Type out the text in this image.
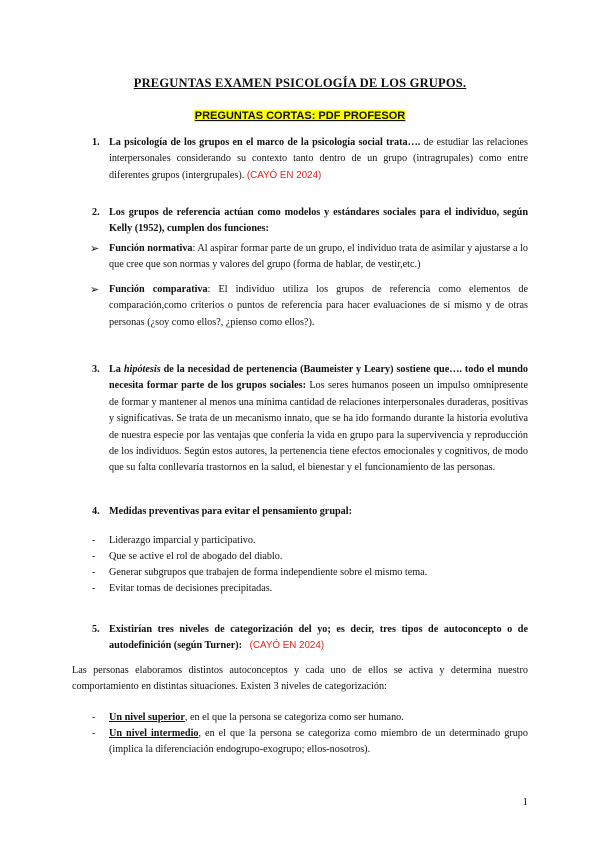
PREGUNTAS EXAMEN PSICOLOGÍA DE LOS GRUPOS.
PREGUNTAS CORTAS: PDF PROFESOR
1. La psicología de los grupos en el marco de la psicología social trata…. de estudiar las relaciones interpersonales considerando su contexto tanto dentro de un grupo (intragrupales) como entre diferentes grupos (intergrupales). (CAYÓ EN 2024)
2. Los grupos de referencia actúan como modelos y estándares sociales para el individuo, según Kelly (1952), cumplen dos funciones:
➢ Función normativa: Al aspirar formar parte de un grupo, el individuo trata de asimilar y ajustarse a lo que cree que son normas y valores del grupo (forma de hablar, de vestir,etc.)
➢ Función comparativa: El individuo utiliza los grupos de referencia como elementos de comparación,como criterios o puntos de referencia para hacer evaluaciones de sí mismo y de otras personas (¿soy como ellos?, ¿pienso como ellos?).
3. La hipótesis de la necesidad de pertenencia (Baumeister y Leary) sostiene que…. todo el mundo necesita formar parte de los grupos sociales: Los seres humanos poseen un impulso omnipresente de formar y mantener al menos una mínima cantidad de relaciones interpersonales duraderas, positivas y significativas. Se trata de un mecanismo innato, que se ha ido formando durante la historia evolutiva de nuestra especie por las ventajas que confería la vida en grupo para la supervivencia y reproducción de los individuos. Según estos autores, la pertenencia tiene efectos emocionales y cognitivos, de modo que su falta conllevaría trastornos en la salud, el bienestar y el funcionamiento de las personas.
4. Medidas preventivas para evitar el pensamiento grupal:
- Liderazgo imparcial y participativo.
- Que se active el rol de abogado del diablo.
- Generar subgrupos que trabajen de forma independiente sobre el mismo tema.
- Evitar tomas de decisiones precipitadas.
5. Existirían tres niveles de categorización del yo; es decir, tres tipos de autoconcepto o de autodefinición (según Turner): (CAYÓ EN 2024)
Las personas elaboramos distintos autoconceptos y cada uno de ellos se activa y determina nuestro comportamiento en distintas situaciones. Existen 3 niveles de categorización:
- Un nivel superior, en el que la persona se categoriza como ser humano.
- Un nivel intermedio, en el que la persona se categoriza como miembro de un determinado grupo (implica la diferenciación endogrupo-exogrupo; ellos-nosotros).
1
